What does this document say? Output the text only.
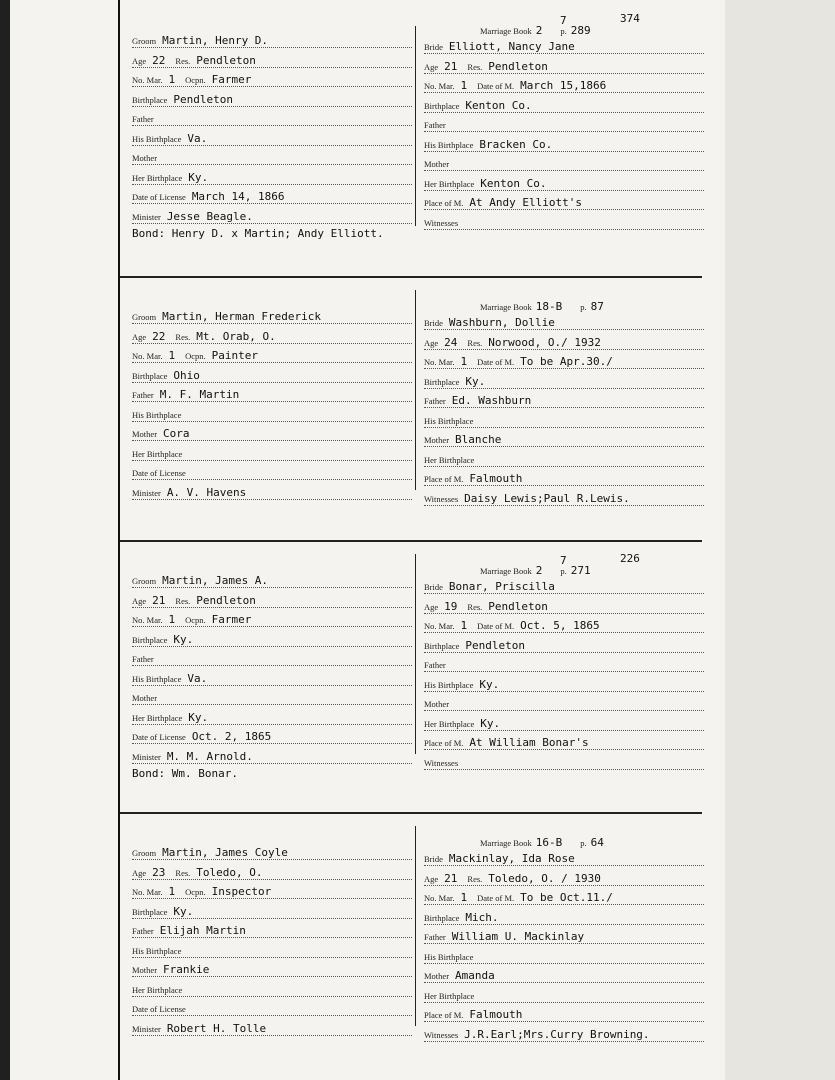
Marriage Book 2 p. 289
7	374
Groom Martin, Henry D.
Age 22 Res. Pendleton
No. Mar. 1 Ocpn. Farmer
Birthplace Pendleton
Father
His Birthplace Va.
Mother
Her Birthplace Ky.
Date of License March 14, 1866
Minister Jesse Beagle.
Bride Elliott, Nancy Jane
Age 21 Res. Pendleton
No. Mar. 1 Date of M. March 15,1866
Birthplace Kenton Co.
Father
His Birthplace Bracken Co.
Mother
Her Birthplace Kenton Co.
Place of M. At Andy Elliott's
Witnesses
Bond: Henry D. x Martin; Andy Elliott.
Marriage Book 18-B p. 87
Groom Martin, Herman Frederick
Age 22 Res. Mt. Orab, O.
No. Mar. 1 Ocpn. Painter
Birthplace Ohio
Father M. F. Martin
His Birthplace
Mother Cora
Her Birthplace
Date of License
Minister A. V. Havens
Bride Washburn, Dollie
Age 24 Res. Norwood, O./ 1932
No. Mar. 1 Date of M. To be Apr.30./
Birthplace Ky.
Father Ed. Washburn
His Birthplace
Mother Blanche
Her Birthplace
Place of M. Falmouth
Witnesses Daisy Lewis;Paul R.Lewis.
Marriage Book 2 p. 271
7	226
Groom Martin, James A.
Age 21 Res. Pendleton
No. Mar. 1 Ocpn. Farmer
Birthplace Ky.
Father
His Birthplace Va.
Mother
Her Birthplace Ky.
Date of License Oct. 2, 1865
Minister M. M. Arnold.
Bride Bonar, Priscilla
Age 19 Res. Pendleton
No. Mar. 1 Date of M. Oct. 5, 1865
Birthplace Pendleton
Father
His Birthplace Ky.
Mother
Her Birthplace Ky.
Place of M. At William Bonar's
Witnesses
Bond: Wm. Bonar.
Marriage Book 16-B p. 64
Groom Martin, James Coyle
Age 23 Res. Toledo, O.
No. Mar. 1 Ocpn. Inspector
Birthplace Ky.
Father Elijah Martin
His Birthplace
Mother Frankie
Her Birthplace
Date of License
Minister Robert H. Tolle
Bride Mackinlay, Ida Rose
Age 21 Res. Toledo, O. / 1930
No. Mar. 1 Date of M. To be Oct.11./
Birthplace Mich.
Father William U. Mackinlay
His Birthplace
Mother Amanda
Her Birthplace
Place of M. Falmouth
Witnesses J.R.Earl;Mrs.Curry Browning.
